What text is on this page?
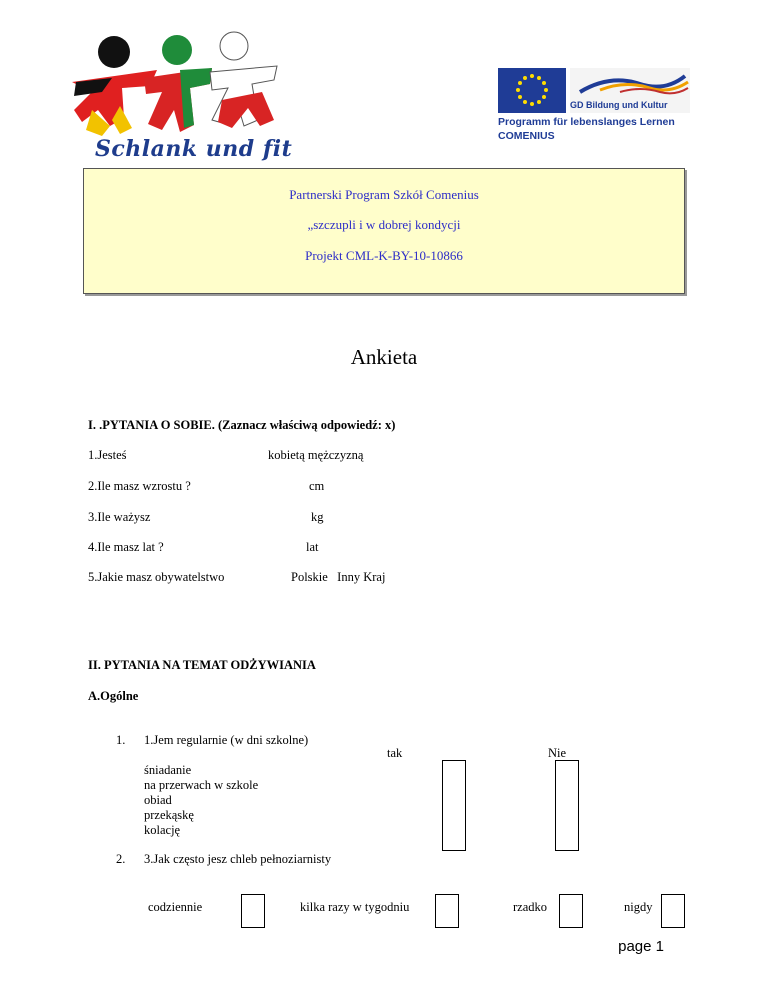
Schlank und fit
GD Bildung und Kultur
Programm für lebenslanges Lernen
COMENIUS
Partnerski Program Szkół Comenius
„szczupli i w dobrej kondycji
Projekt CML-K-BY-10-10866
Ankieta
I. .PYTANIA O SOBIE. (Zaznacz właściwą odpowiedź: x)
1.Jesteś	kobietą mężczyzną
2.Ile masz wzrostu ?	cm
3.Ile ważysz	kg
4.Ile masz lat ?	lat
5.Jakie masz obywatelstwo	Polskie   Inny Kraj
II. PYTANIA NA TEMAT ODŻYWIANIA
A.Ogólne
1. 1.Jem regularnie (w dni szkolne)
tak	Nie
śniadanie
na przerwach w szkole
obiad
przekąskę
kolację
2. 3.Jak często jesz chleb pełnoziarnisty
codziennie	kilka razy w tygodniu	rzadko	nigdy
page 1
